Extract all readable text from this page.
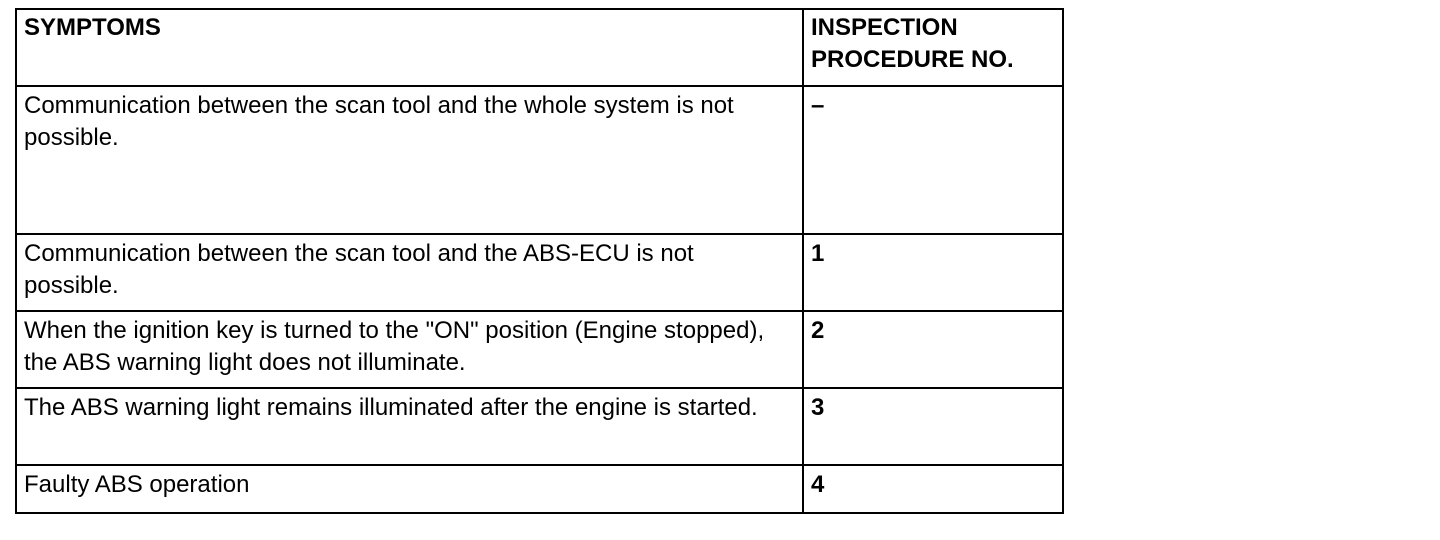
SYMPTOMS	INSPECTION
PROCEDURE NO.
Communication between the scan tool and the whole system is not possible.	–
Communication between the scan tool and the ABS-ECU is not possible.	1
When the ignition key is turned to the "ON" position (Engine stopped), the ABS warning light does not illuminate.	2
The ABS warning light remains illuminated after the engine is started.	3
Faulty ABS operation	4
